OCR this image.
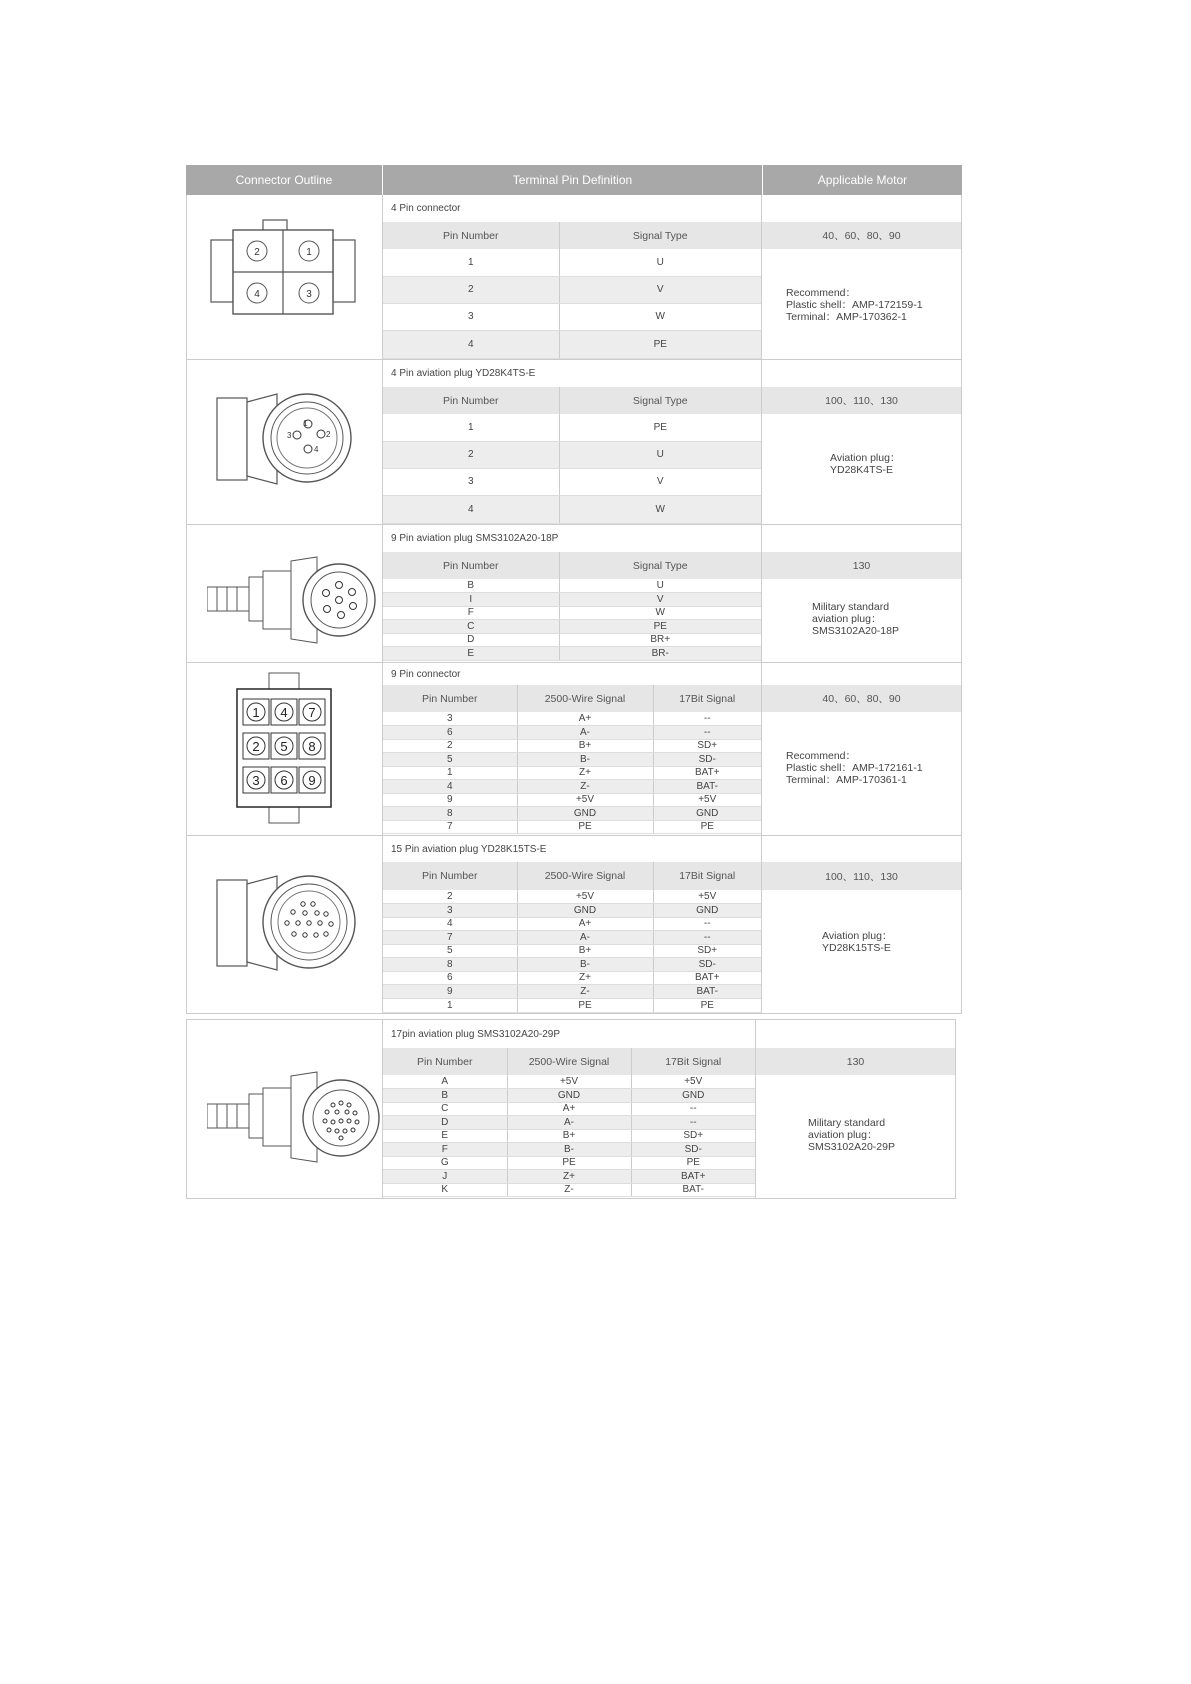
Connector Outline	Terminal Pin Definition	Applicable Motor
2	1
4	3
4 Pin connector
Pin Number	Signal Type
1	U
2	V
3	W
4	PE
40、60、80、90
Recommend：
Plastic shell：AMP-172159-1
Terminal：AMP-170362-1
1
2
3
4
4 Pin aviation plug YD28K4TS-E
Pin Number	Signal Type
1	PE
2	U
3	V
4	W
100、110、130
Aviation plug：
YD28K4TS-E
9 Pin aviation plug SMS3102A20-18P
Pin Number	Signal Type
B	U
I	V
F	W
C	PE
D	BR+
E	BR-
130
Military standard
aviation plug：
SMS3102A20-18P
1 4 7
2 5 8
3 6 9
9 Pin connector
Pin Number	2500-Wire Signal	17Bit Signal
3	A+	--
6	A-	--
2	B+	SD+
5	B-	SD-
1	Z+	BAT+
4	Z-	BAT-
9	+5V	+5V
8	GND	GND
7	PE	PE
40、60、80、90
Recommend：
Plastic shell：AMP-172161-1
Terminal：AMP-170361-1
15 Pin aviation plug YD28K15TS-E
Pin Number	2500-Wire Signal	17Bit Signal
2	+5V	+5V
3	GND	GND
4	A+	--
7	A-	--
5	B+	SD+
8	B-	SD-
6	Z+	BAT+
9	Z-	BAT-
1	PE	PE
100、110、130
Aviation plug：
YD28K15TS-E
17pin aviation plug SMS3102A20-29P
Pin Number	2500-Wire Signal	17Bit Signal
A	+5V	+5V
B	GND	GND
C	A+	--
D	A-	--
E	B+	SD+
F	B-	SD-
G	PE	PE
J	Z+	BAT+
K	Z-	BAT-
130
Military standard
aviation plug：
SMS3102A20-29P
